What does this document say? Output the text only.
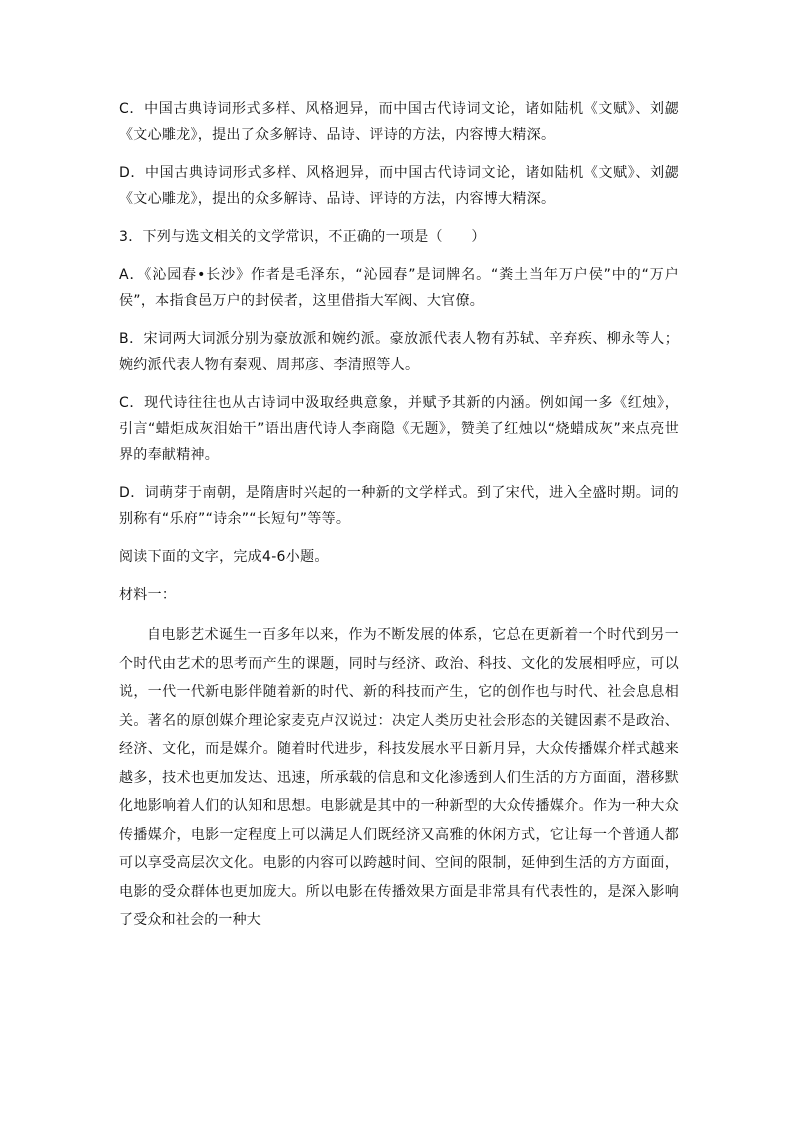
C．中国古典诗词形式多样、风格迥异，而中国古代诗词文论，诸如陆机《文赋》、刘勰《文心雕龙》，提出了众多解诗、品诗、评诗的方法，内容博大精深。

D．中国古典诗词形式多样、风格迥异，而中国古代诗词文论，诸如陆机《文赋》、刘勰《文心雕龙》，提出的众多解诗、品诗、评诗的方法，内容博大精深。

3．下列与选文相关的文学常识，不正确的一项是（　　）

A．《沁园春•长沙》作者是毛泽东，“沁园春”是词牌名。“粪土当年万户侯”中的“万户侯”，本指食邑万户的封侯者，这里借指大军阀、大官僚。

B．宋词两大词派分别为豪放派和婉约派。豪放派代表人物有苏轼、辛弃疾、柳永等人；婉约派代表人物有秦观、周邦彦、李清照等人。

C．现代诗往往也从古诗词中汲取经典意象，并赋予其新的内涵。例如闻一多《红烛》，引言“蜡炬成灰泪始干”语出唐代诗人李商隐《无题》，赞美了红烛以“烧蜡成灰”来点亮世界的奉献精神。

D．词萌芽于南朝，是隋唐时兴起的一种新的文学样式。到了宋代，进入全盛时期。词的别称有“乐府”“诗余”“长短句”等等。

阅读下面的文字，完成4-6小题。

材料一：

自电影艺术诞生一百多年以来，作为不断发展的体系，它总在更新着一个时代到另一个时代由艺术的思考而产生的课题，同时与经济、政治、科技、文化的发展相呼应，可以说，一代一代新电影伴随着新的时代、新的科技而产生，它的创作也与时代、社会息息相关。著名的原创媒介理论家麦克卢汉说过：决定人类历史社会形态的关键因素不是政治、经济、文化，而是媒介。随着时代进步，科技发展水平日新月异，大众传播媒介样式越来越多，技术也更加发达、迅速，所承载的信息和文化渗透到人们生活的方方面面，潜移默化地影响着人们的认知和思想。电影就是其中的一种新型的大众传播媒介。作为一种大众传播媒介，电影一定程度上可以满足人们既经济又高雅的休闲方式，它让每一个普通人都可以享受高层次文化。电影的内容可以跨越时间、空间的限制，延伸到生活的方方面面，电影的受众群体也更加庞大。所以电影在传播效果方面是非常具有代表性的，是深入影响了受众和社会的一种大
